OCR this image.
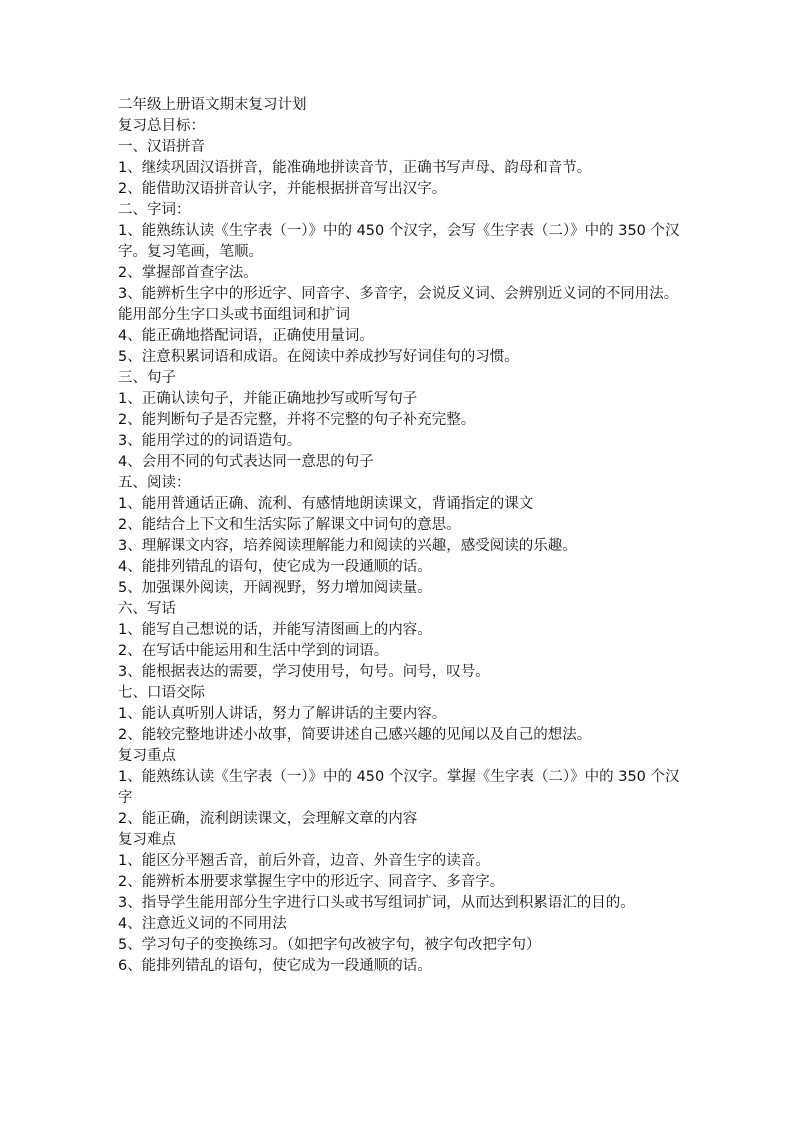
二年级上册语文期末复习计划

复习总目标：

一、汉语拼音

1、继续巩固汉语拼音，能准确地拼读音节，正确书写声母、韵母和音节。

2、能借助汉语拼音认字，并能根据拼音写出汉字。

二、字词：

1、能熟练认读《生字表（一）》中的 450 个汉字，会写《生字表（二）》中的 350 个汉字。复习笔画，笔顺。

2、掌握部首查字法。

3、能辨析生字中的形近字、同音字、多音字，会说反义词、会辨别近义词的不同用法。能用部分生字口头或书面组词和扩词

4、能正确地搭配词语，正确使用量词。

5、注意积累词语和成语。在阅读中养成抄写好词佳句的习惯。

三、句子

1、正确认读句子，并能正确地抄写或听写句子

2、能判断句子是否完整，并将不完整的句子补充完整。

3、能用学过的的词语造句。

4、会用不同的句式表达同一意思的句子

五、阅读：

1、能用普通话正确、流利、有感情地朗读课文，背诵指定的课文

2、能结合上下文和生活实际了解课文中词句的意思。

3、理解课文内容，培养阅读理解能力和阅读的兴趣，感受阅读的乐趣。

4、能排列错乱的语句，使它成为一段通顺的话。

5、加强课外阅读，开阔视野，努力增加阅读量。

六、写话

1、能写自己想说的话，并能写清图画上的内容。

2、在写话中能运用和生活中学到的词语。

3、能根据表达的需要，学习使用号，句号。问号，叹号。

七、口语交际

1、能认真听别人讲话，努力了解讲话的主要内容。

2、能较完整地讲述小故事，简要讲述自己感兴趣的见闻以及自己的想法。

复习重点

1、能熟练认读《生字表（一）》中的 450 个汉字。掌握《生字表（二）》中的 350 个汉字

2、能正确，流利朗读课文，会理解文章的内容

复习难点

1、能区分平翘舌音，前后外音，边音、外音生字的读音。

2、能辨析本册要求掌握生字中的形近字、同音字、多音字。

3、指导学生能用部分生字进行口头或书写组词扩词，从而达到积累语汇的目的。

4、注意近义词的不同用法

5、学习句子的变换练习。（如把字句改被字句，被字句改把字句）

6、能排列错乱的语句，使它成为一段通顺的话。
